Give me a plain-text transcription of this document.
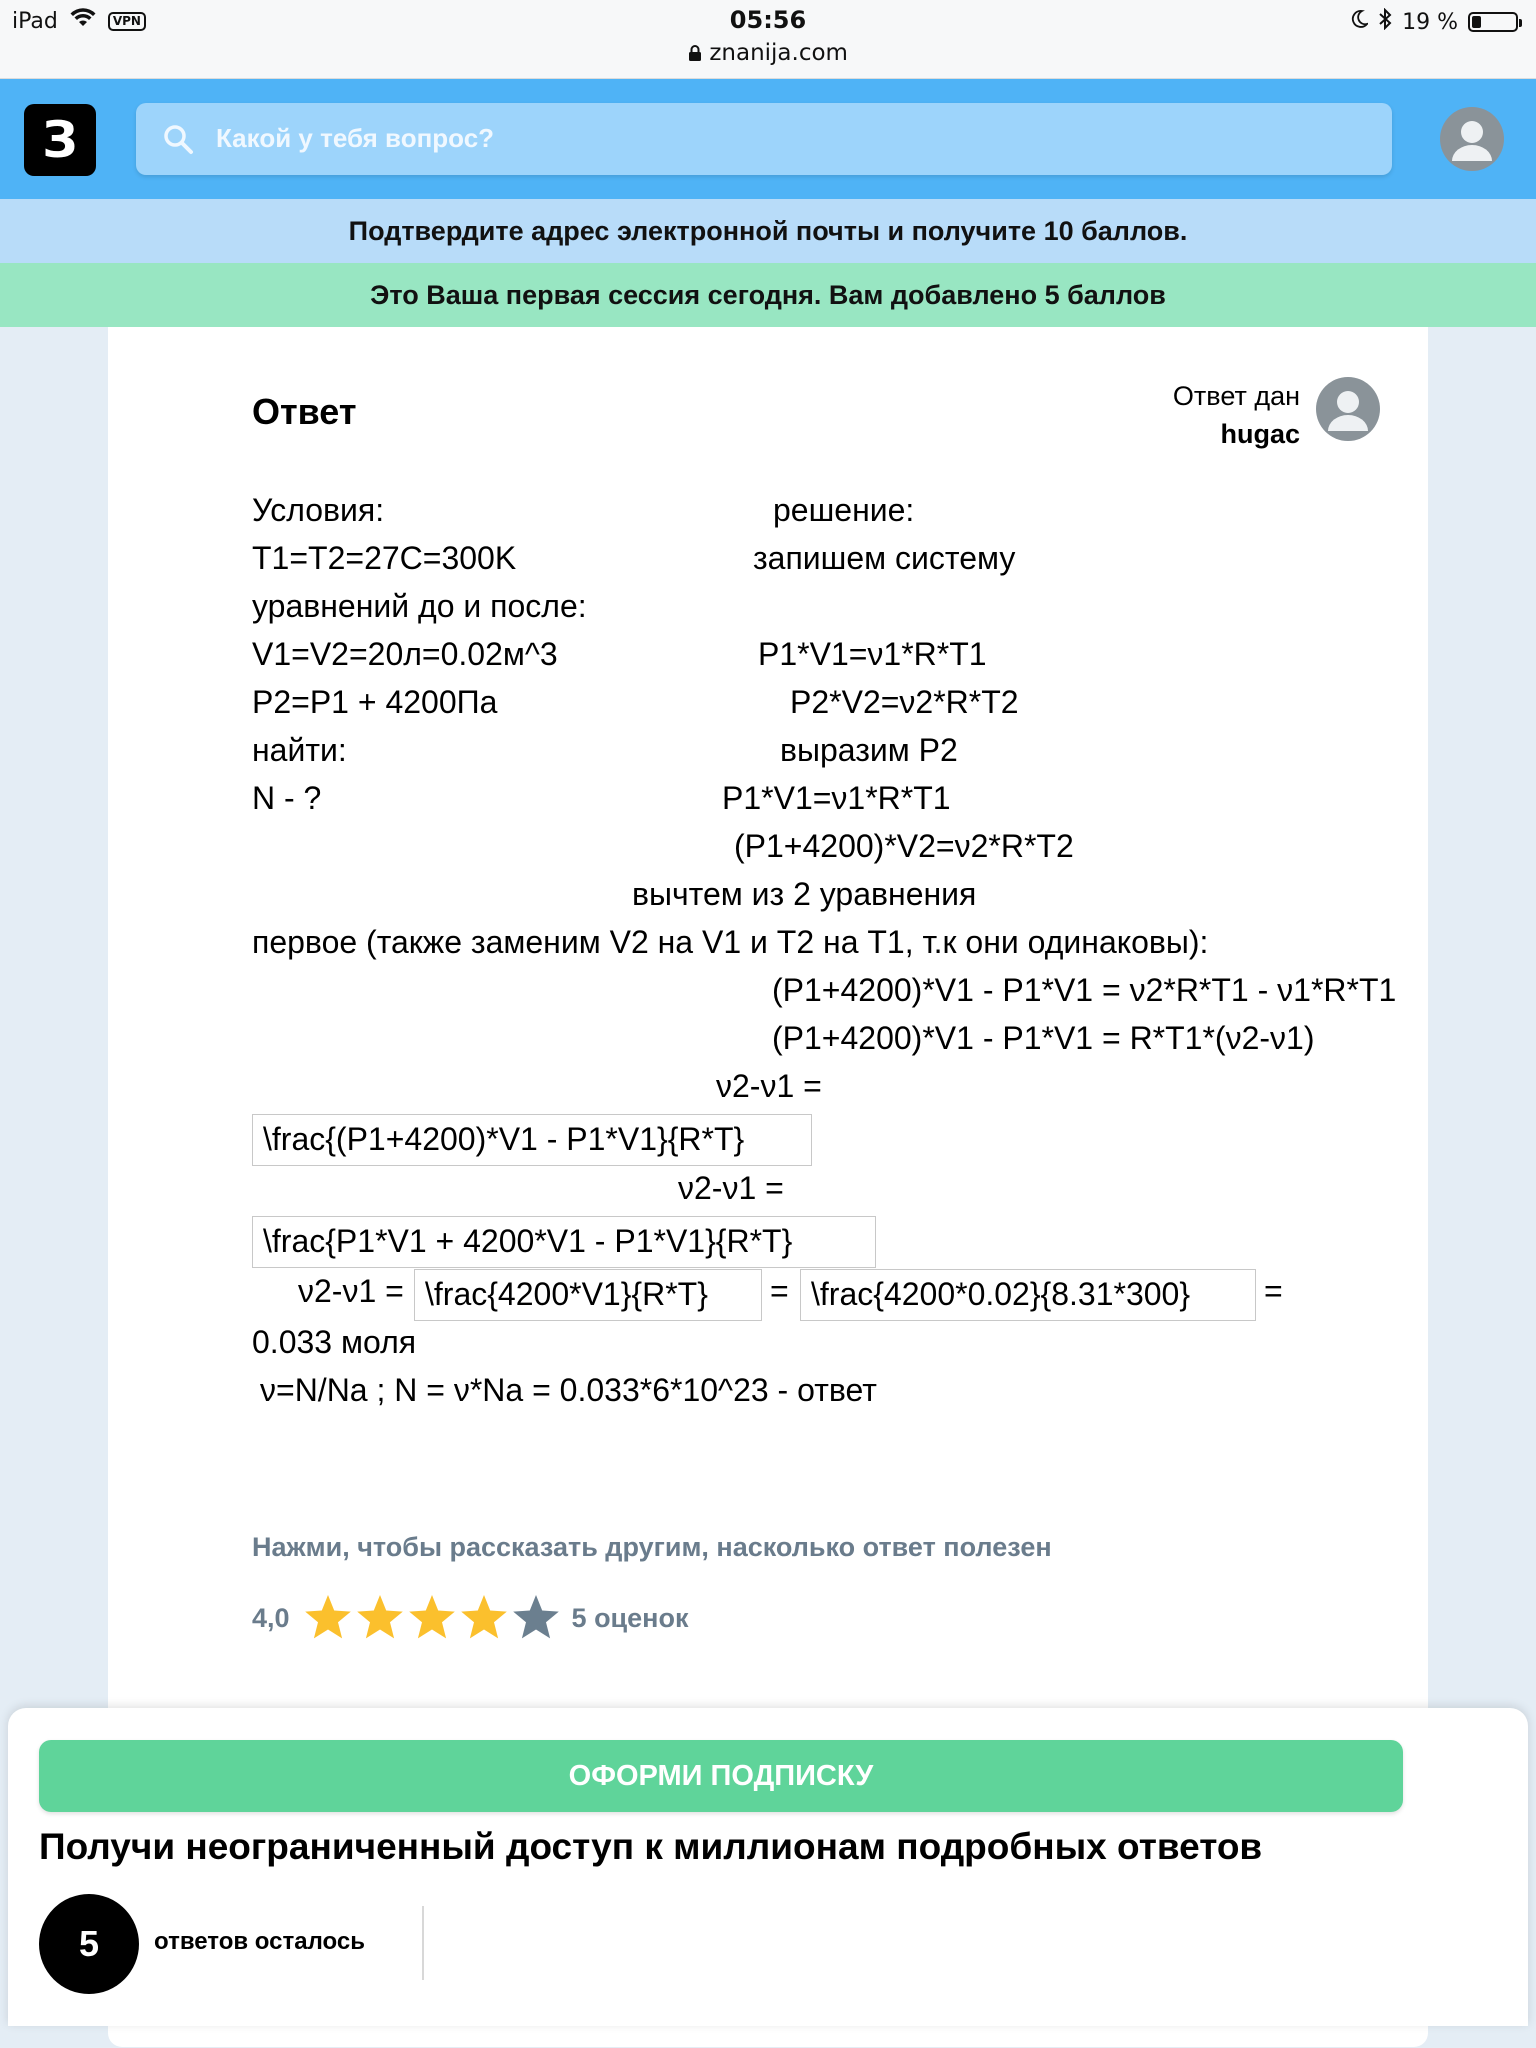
iPad	VPN	05:56
znanija.com
19 %
З	Какой у тебя вопрос?
Подтвердите адрес электронной почты и получите 10 баллов.
Это Ваша первая сессия сегодня. Вам добавлено 5 баллов
Ответ	Ответ дан
hugac
Условия:	решение:
T1=T2=27C=300K	запишем систему
уравнений до и после:
V1=V2=20л=0.02м^3	P1*V1=ν1*R*T1
P2=P1 + 4200Па	P2*V2=ν2*R*T2
найти:	выразим P2
N - ?	P1*V1=ν1*R*T1
(P1+4200)*V2=ν2*R*T2
вычтем из 2 уравнения
первое (также заменим V2 на V1 и T2 на T1, т.к они одинаковы):
(P1+4200)*V1 - P1*V1 = ν2*R*T1 - ν1*R*T1
(P1+4200)*V1 - P1*V1 = R*T1*(ν2-ν1)
ν2-ν1 =
\frac{(P1+4200)*V1 - P1*V1}{R*T}
ν2-ν1 =
\frac{P1*V1 + 4200*V1 - P1*V1}{R*T}
ν2-ν1 = \frac{4200*V1}{R*T}	= \frac{4200*0.02}{8.31*300}	=
0.033 моля
ν=N/Na ; N = ν*Na = 0.033*6*10^23 - ответ
Нажми, чтобы рассказать другим, насколько ответ полезен
4,0	5 оценок
ОФОРМИ ПОДПИСКУ
Получи неограниченный доступ к миллионам подробных ответов
5	ответов осталось
